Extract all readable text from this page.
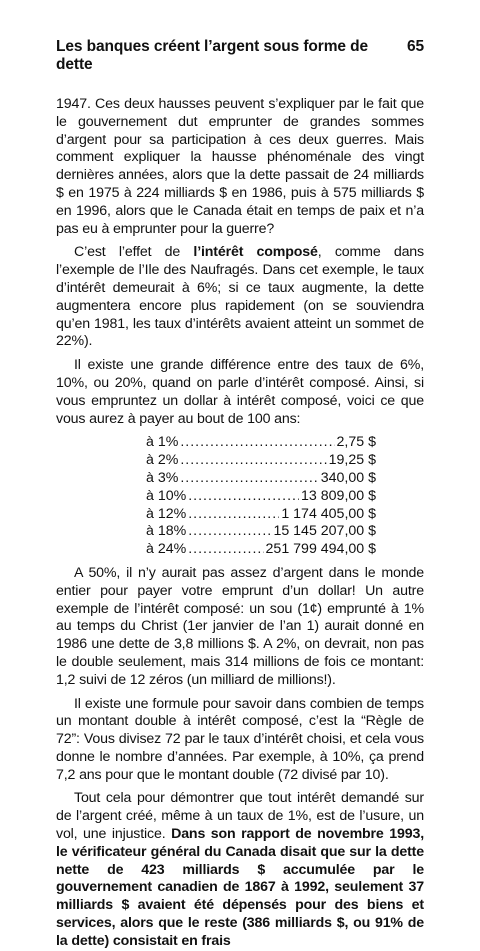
Les banques créent l’argent sous forme de dette
65

1947. Ces deux hausses peuvent s’expliquer par le fait que le gouvernement dut emprunter de grandes sommes d’argent pour sa participation à ces deux guerres. Mais comment expliquer la hausse phénoménale des vingt dernières années, alors que la dette passait de 24 milliards $ en 1975 à 224 milliards $ en 1986, puis à 575 milliards $ en 1996, alors que le Canada était en temps de paix et n’a pas eu à emprunter pour la guerre?

C’est l’effet de l’intérêt composé, comme dans l’exemple de l’Ile des Naufragés. Dans cet exemple, le taux d’intérêt demeurait à 6%; si ce taux augmente, la dette augmentera encore plus rapidement (on se souviendra qu’en 1981, les taux d’intérêts avaient atteint un sommet de 22%).

Il existe une grande différence entre des taux de 6%, 10%, ou 20%, quand on parle d’intérêt composé. Ainsi, si vous empruntez un dollar à intérêt composé, voici ce que vous aurez à payer au bout de 100 ans:

à 1% .....	2,75 $
à 2% .....	19,25 $
à 3% .....	340,00 $
à 10% .....	13 809,00 $
à 12% .....	1 174 405,00 $
à 18% .....	15 145 207,00 $
à 24% .....	251 799 494,00 $

A 50%, il n’y aurait pas assez d’argent dans le monde entier pour payer votre emprunt d’un dollar! Un autre exemple de l’intérêt composé: un sou (1¢) emprunté à 1% au temps du Christ (1er janvier de l’an 1) aurait donné en 1986 une dette de 3,8 millions $. A 2%, on devrait, non pas le double seulement, mais 314 millions de fois ce montant: 1,2 suivi de 12 zéros (un milliard de millions!).

Il existe une formule pour savoir dans combien de temps un montant double à intérêt composé, c’est la “Règle de 72”: Vous divisez 72 par le taux d’intérêt choisi, et cela vous donne le nombre d’années. Par exemple, à 10%, ça prend 7,2 ans pour que le montant double (72 divisé par 10).

Tout cela pour démontrer que tout intérêt demandé sur de l’argent créé, même à un taux de 1%, est de l’usure, un vol, une injustice. Dans son rapport de novembre 1993, le vérificateur général du Canada disait que sur la dette nette de 423 milliards $ accumulée par le gouvernement canadien de 1867 à 1992, seulement 37 milliards $ avaient été dépensés pour des biens et services, alors que le reste (386 milliards $, ou 91% de la dette) consistait en frais
